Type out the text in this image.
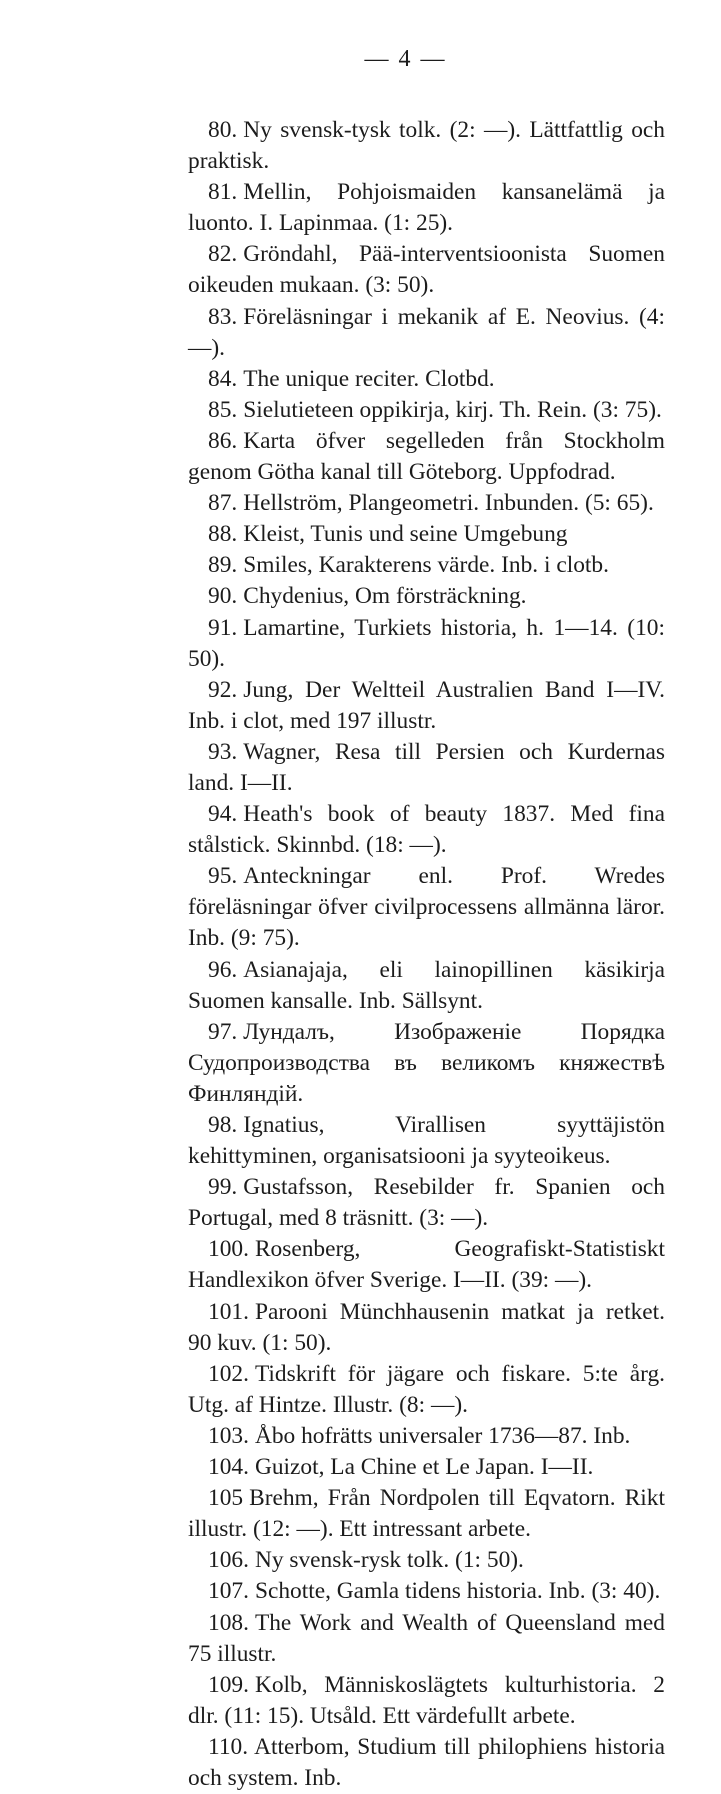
— 4 —

80. Ny svensk-tysk tolk. (2: —). Lättfattlig och praktisk.

81. Mellin, Pohjoismaiden kansanelämä ja luonto. I. Lapinmaa. (1: 25).

82. Gröndahl, Pää-interventsioonista Suomen oikeuden mukaan. (3: 50).

83. Föreläsningar i mekanik af E. Neovius. (4: —).

84. The unique reciter. Clotbd.

85. Sielutieteen oppikirja, kirj. Th. Rein. (3: 75).

86. Karta öfver segelleden från Stockholm genom Götha kanal till Göteborg. Uppfodrad.

87. Hellström, Plangeometri. Inbunden. (5: 65).

88. Kleist, Tunis und seine Umgebung

89. Smiles, Karakterens värde. Inb. i clotb.

90. Chydenius, Om försträckning.

91. Lamartine, Turkiets historia, h. 1—14. (10: 50).

92. Jung, Der Weltteil Australien Band I—IV. Inb. i clot, med 197 illustr.

93. Wagner, Resa till Persien och Kurdernas land. I—II.

94. Heath's book of beauty 1837. Med fina stålstick. Skinnbd. (18: —).

95. Anteckningar enl. Prof. Wredes föreläsningar öfver civilprocessens allmänna läror. Inb. (9: 75).

96. Asianajaja, eli lainopillinen käsikirja Suomen kansalle. Inb. Sällsynt.

97. Лундалъ, Изображеніе Порядка Судопроизводства въ великомъ княжествѣ Финляндій.

98. Ignatius, Virallisen syyttäjistön kehittyminen, organisatsiooni ja syyteoikeus.

99. Gustafsson, Resebilder fr. Spanien och Portugal, med 8 träsnitt. (3: —).

100. Rosenberg, Geografiskt-Statistiskt Handlexikon öfver Sverige. I—II. (39: —).

101. Parooni Münchhausenin matkat ja retket. 90 kuv. (1: 50).

102. Tidskrift för jägare och fiskare. 5:te årg. Utg. af Hintze. Illustr. (8: —).

103. Åbo hofrätts universaler 1736—87. Inb.

104. Guizot, La Chine et Le Japan. I—II.

105 Brehm, Från Nordpolen till Eqvatorn. Rikt illustr. (12: —). Ett intressant arbete.

106. Ny svensk-rysk tolk. (1: 50).

107. Schotte, Gamla tidens historia. Inb. (3: 40).

108. The Work and Wealth of Queensland med 75 illustr.

109. Kolb, Människoslägtets kulturhistoria. 2 dlr. (11: 15). Utsåld. Ett värdefullt arbete.

110. Atterbom, Studium till philophiens historia och system. Inb.
